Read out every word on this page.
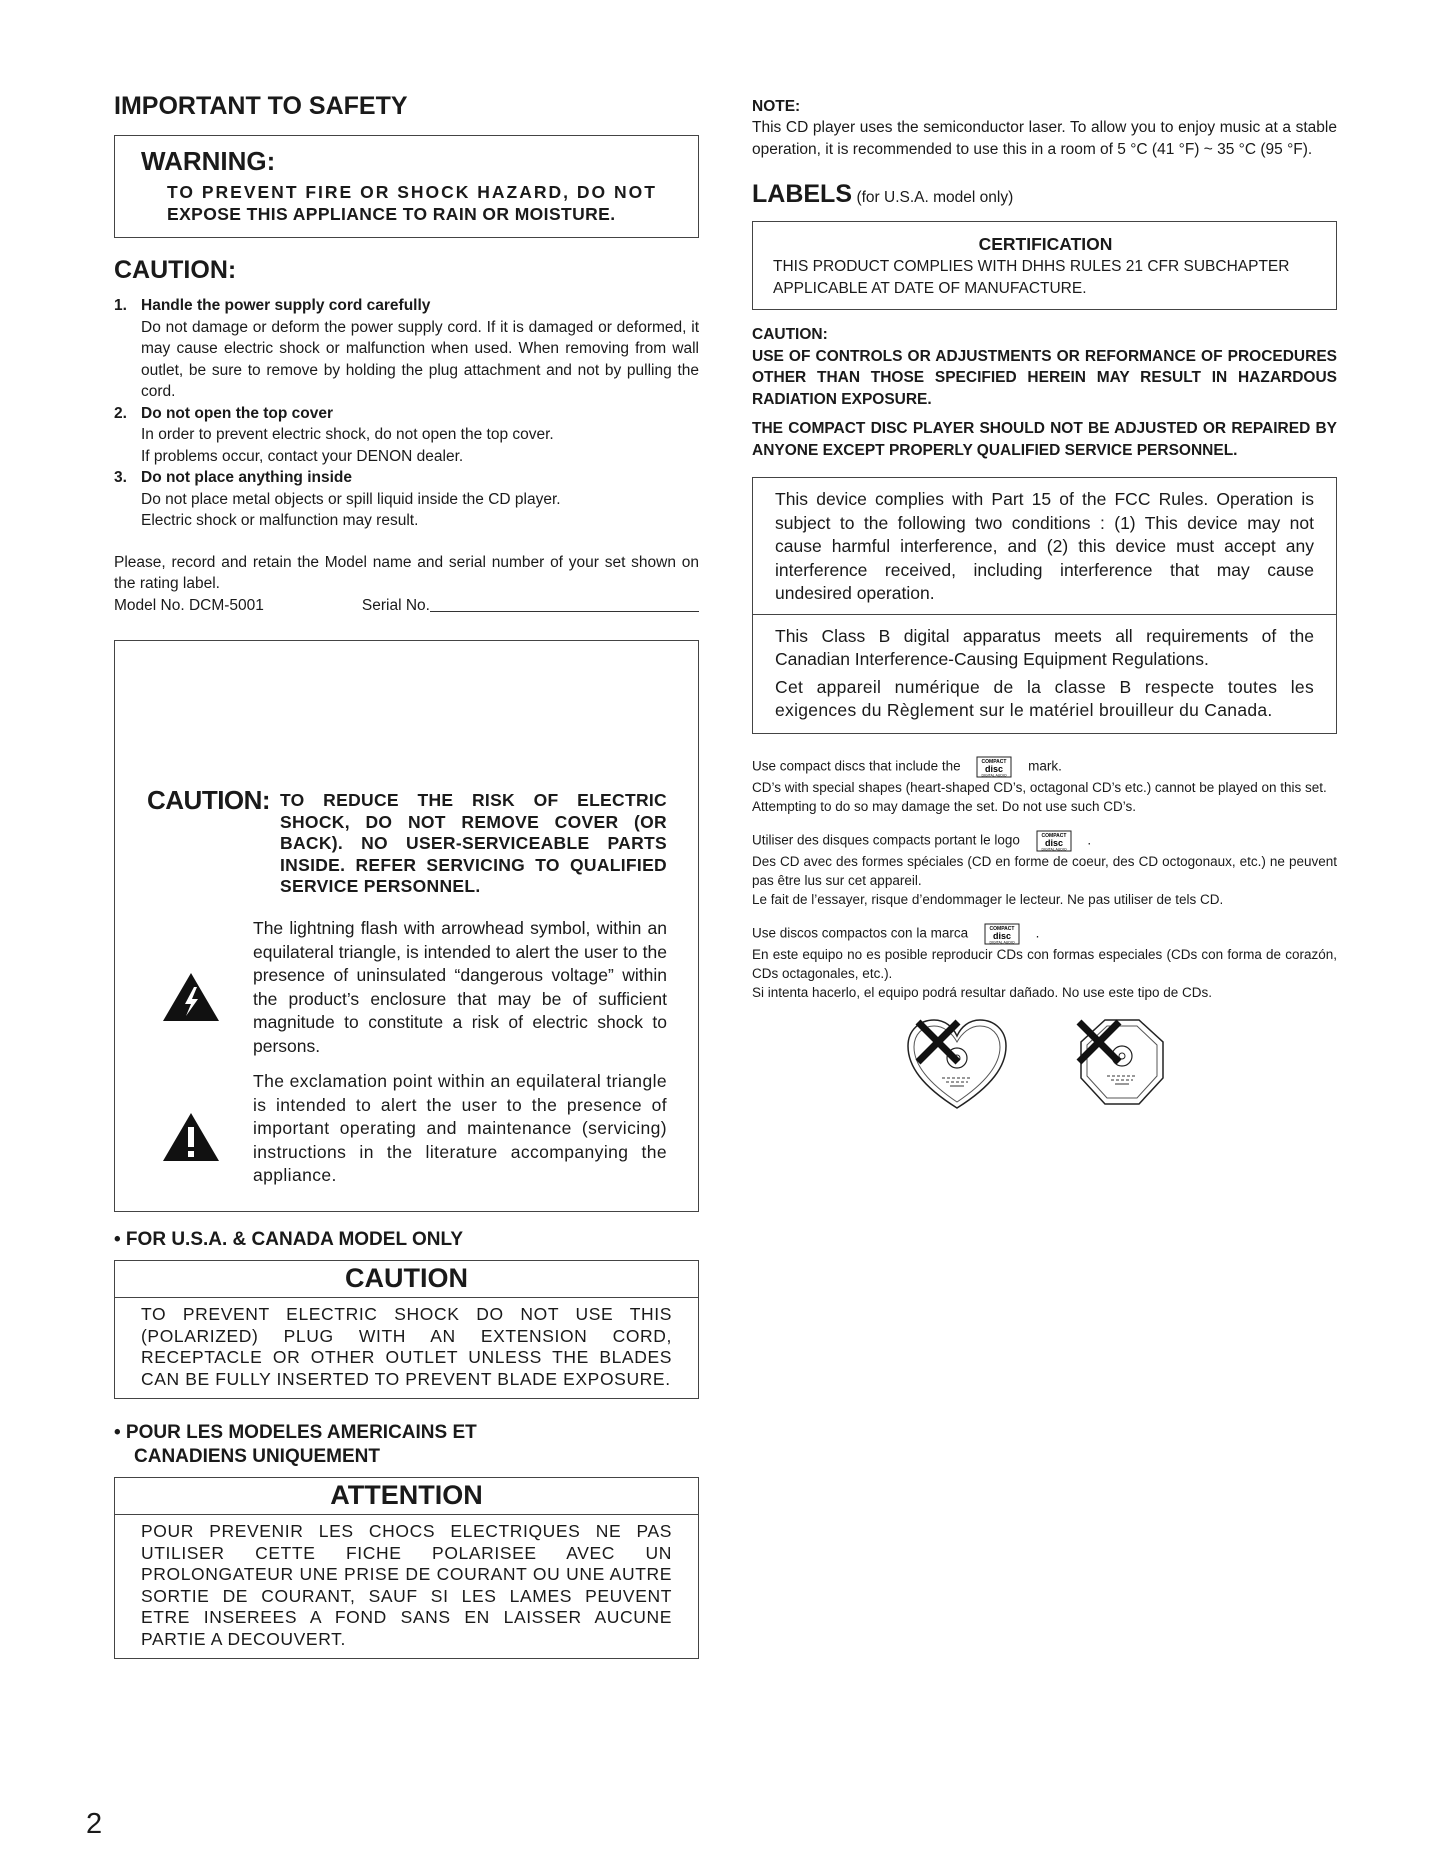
IMPORTANT TO SAFETY
WARNING:
TO PREVENT FIRE OR SHOCK HAZARD, DO NOT
EXPOSE THIS APPLIANCE TO RAIN OR MOISTURE.
CAUTION:
1. Handle the power supply cord carefully
Do not damage or deform the power supply cord. If it is damaged or deformed, it may cause electric shock or malfunction when used. When removing from wall outlet, be sure to remove by holding the plug attachment and not by pulling the cord.
2. Do not open the top cover
In order to prevent electric shock, do not open the top cover.
If problems occur, contact your DENON dealer.
3. Do not place anything inside
Do not place metal objects or spill liquid inside the CD player.
Electric shock or malfunction may result.
Please, record and retain the Model name and serial number of your set shown on the rating label.
Model No. DCM-5001	Serial No.
CAUTION: TO REDUCE THE RISK OF ELECTRIC SHOCK, DO NOT REMOVE COVER (OR BACK). NO USER-SERVICEABLE PARTS INSIDE. REFER SERVICING TO QUALIFIED SERVICE PERSONNEL.
The lightning flash with arrowhead symbol, within an equilateral triangle, is intended to alert the user to the presence of uninsulated “dangerous voltage” within the product’s enclosure that may be of sufficient magnitude to constitute a risk of electric shock to persons.
The exclamation point within an equilateral triangle is intended to alert the user to the presence of important operating and maintenance (servicing) instructions in the literature accompanying the appliance.
• FOR U.S.A. & CANADA MODEL ONLY
CAUTION
TO PREVENT ELECTRIC SHOCK DO NOT USE THIS (POLARIZED) PLUG WITH AN EXTENSION CORD, RECEPTACLE OR OTHER OUTLET UNLESS THE BLADES CAN BE FULLY INSERTED TO PREVENT BLADE EXPOSURE.
• POUR LES MODELES AMERICAINS ET
CANADIENS UNIQUEMENT
ATTENTION
POUR PREVENIR LES CHOCS ELECTRIQUES NE PAS UTILISER CETTE FICHE POLARISEE AVEC UN PROLONGATEUR UNE PRISE DE COURANT OU UNE AUTRE SORTIE DE COURANT, SAUF SI LES LAMES PEUVENT ETRE INSEREES A FOND SANS EN LAISSER AUCUNE PARTIE A DECOUVERT.
NOTE:
This CD player uses the semiconductor laser. To allow you to enjoy music at a stable operation, it is recommended to use this in a room of 5 °C (41 °F) ~ 35 °C (95 °F).
LABELS (for U.S.A. model only)
CERTIFICATION
THIS PRODUCT COMPLIES WITH DHHS RULES 21 CFR SUBCHAPTER APPLICABLE AT DATE OF MANUFACTURE.
CAUTION:
USE OF CONTROLS OR ADJUSTMENTS OR REFORMANCE OF PROCEDURES OTHER THAN THOSE SPECIFIED HEREIN MAY RESULT IN HAZARDOUS RADIATION EXPOSURE.
THE COMPACT DISC PLAYER SHOULD NOT BE ADJUSTED OR REPAIRED BY ANYONE EXCEPT PROPERLY QUALIFIED SERVICE PERSONNEL.
This device complies with Part 15 of the FCC Rules. Operation is subject to the following two conditions : (1) This device may not cause harmful interference, and (2) this device must accept any interference received, including interference that may cause undesired operation.
This Class B digital apparatus meets all requirements of the Canadian Interference-Causing Equipment Regulations.
Cet appareil numérique de la classe B respecte toutes les exigences du Règlement sur le matériel brouilleur du Canada.
Use compact discs that include the	COMPACT
disc
DIGITAL AUDIO
mark.
CD’s with special shapes (heart-shaped CD’s, octagonal CD’s etc.) cannot be played on this set.
Attempting to do so may damage the set. Do not use such CD’s.
Utiliser des disques compacts portant le logo	COMPACT
disc
DIGITAL AUDIO
.
Des CD avec des formes spéciales (CD en forme de coeur, des CD octogonaux, etc.) ne peuvent pas être lus sur cet appareil.
Le fait de l’essayer, risque d’endommager le lecteur. Ne pas utiliser de tels CD.
Use discos compactos con la marca	COMPACT
disc
DIGITAL AUDIO
.
En este equipo no es posible reproducir CDs con formas especiales (CDs con forma de corazón, CDs octagonales, etc.).
Si intenta hacerlo, el equipo podrá resultar dañado. No use este tipo de CDs.
2
